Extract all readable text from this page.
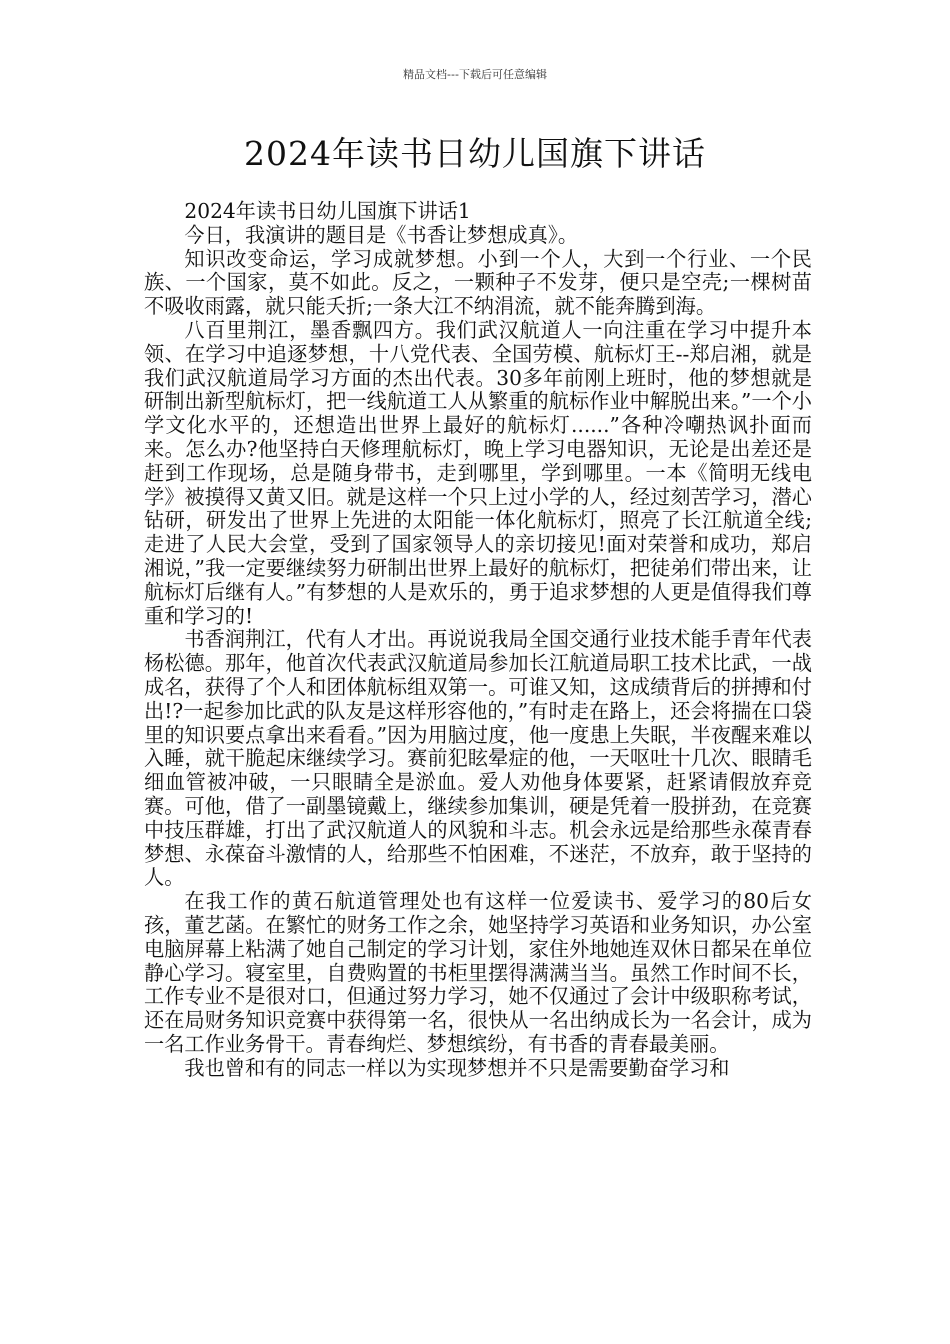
精品文档---下载后可任意编辑
2024年读书日幼儿国旗下讲话

2024年读书日幼儿国旗下讲话1

今日，我演讲的题目是《书香让梦想成真》。

知识改变命运，学习成就梦想。小到一个人，大到一个行业、一个民族、一个国家，莫不如此。反之，一颗种子不发芽，便只是空壳;一棵树苗不吸收雨露，就只能夭折;一条大江不纳涓流，就不能奔腾到海。

八百里荆江，墨香飘四方。我们武汉航道人一向注重在学习中提升本领、在学习中追逐梦想，十八党代表、全国劳模、航标灯王--郑启湘，就是我们武汉航道局学习方面的杰出代表。30多年前刚上班时，他的梦想就是研制出新型航标灯，把一线航道工人从繁重的航标作业中解脱出来。”一个小学文化水平的，还想造出世界上最好的航标灯......”各种冷嘲热讽扑面而来。怎么办?他坚持白天修理航标灯，晚上学习电器知识，无论是出差还是赶到工作现场，总是随身带书，走到哪里，学到哪里。一本《简明无线电学》被摸得又黄又旧。就是这样一个只上过小学的人，经过刻苦学习，潜心钻研，研发出了世界上先进的太阳能一体化航标灯，照亮了长江航道全线;走进了人民大会堂，受到了国家领导人的亲切接见!面对荣誉和成功，郑启湘说，”我一定要继续努力研制出世界上最好的航标灯，把徒弟们带出来，让航标灯后继有人。”有梦想的人是欢乐的，勇于追求梦想的人更是值得我们尊重和学习的!

书香润荆江，代有人才出。再说说我局全国交通行业技术能手青年代表杨松德。那年，他首次代表武汉航道局参加长江航道局职工技术比武，一战成名，获得了个人和团体航标组双第一。可谁又知，这成绩背后的拼搏和付出!?一起参加比武的队友是这样形容他的，”有时走在路上，还会将揣在口袋里的知识要点拿出来看看。”因为用脑过度，他一度患上失眠，半夜醒来难以入睡，就干脆起床继续学习。赛前犯眩晕症的他，一天呕吐十几次、眼睛毛细血管被冲破，一只眼睛全是淤血。爱人劝他身体要紧，赶紧请假放弃竞赛。可他，借了一副墨镜戴上，继续参加集训，硬是凭着一股拼劲，在竞赛中技压群雄，打出了武汉航道人的风貌和斗志。机会永远是给那些永葆青春梦想、永葆奋斗激情的人，给那些不怕困难，不迷茫，不放弃，敢于坚持的人。

在我工作的黄石航道管理处也有这样一位爱读书、爱学习的80后女孩，董艺菡。在繁忙的财务工作之余，她坚持学习英语和业务知识，办公室电脑屏幕上粘满了她自己制定的学习计划，家住外地她连双休日都呆在单位静心学习。寝室里，自费购置的书柜里摆得满满当当。虽然工作时间不长，工作专业不是很对口，但通过努力学习，她不仅通过了会计中级职称考试，还在局财务知识竞赛中获得第一名，很快从一名出纳成长为一名会计，成为一名工作业务骨干。青春绚烂、梦想缤纷，有书香的青春最美丽。

我也曾和有的同志一样以为实现梦想并不只是需要勤奋学习和
